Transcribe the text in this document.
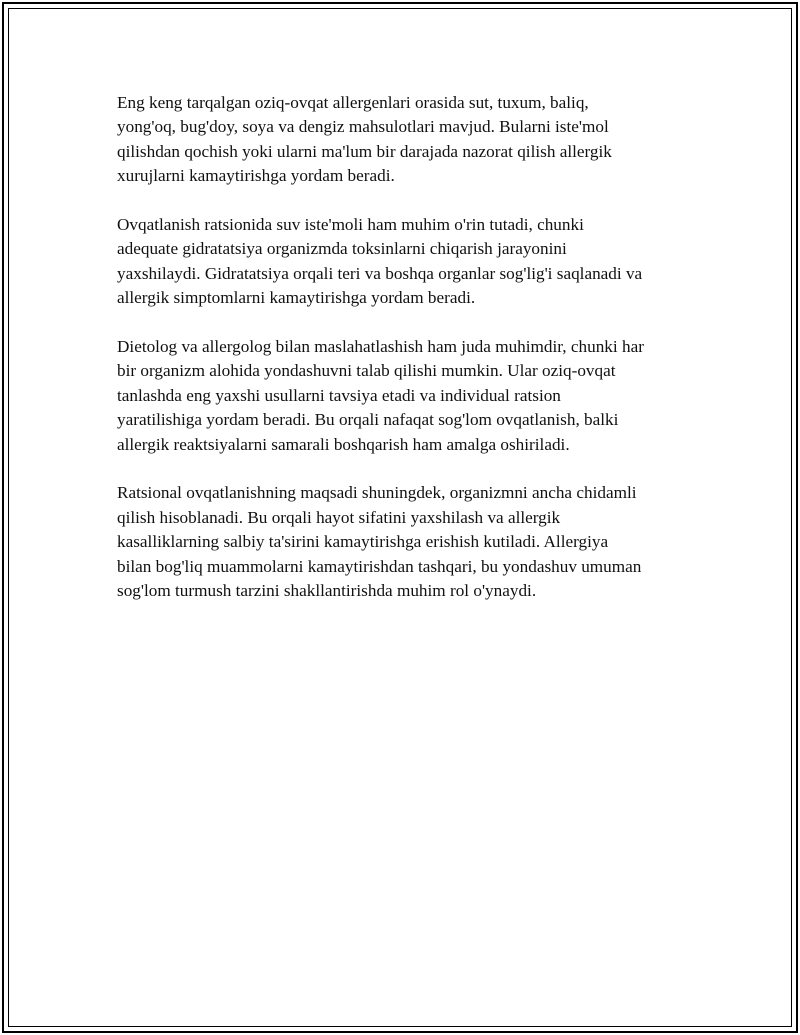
Eng keng tarqalgan oziq-ovqat allergenlari orasida sut, tuxum, baliq,
yong'oq, bug'doy, soya va dengiz mahsulotlari mavjud. Bularni iste'mol
qilishdan qochish yoki ularni ma'lum bir darajada nazorat qilish allergik
xurujlarni kamaytirishga yordam beradi.

Ovqatlanish ratsionida suv iste'moli ham muhim o'rin tutadi, chunki
adequate gidratatsiya organizmda toksinlarni chiqarish jarayonini
yaxshilaydi. Gidratatsiya orqali teri va boshqa organlar sog'lig'i saqlanadi va
allergik simptomlarni kamaytirishga yordam beradi.

Dietolog va allergolog bilan maslahatlashish ham juda muhimdir, chunki har
bir organizm alohida yondashuvni talab qilishi mumkin. Ular oziq-ovqat
tanlashda eng yaxshi usullarni tavsiya etadi va individual ratsion
yaratilishiga yordam beradi. Bu orqali nafaqat sog'lom ovqatlanish, balki
allergik reaktsiyalarni samarali boshqarish ham amalga oshiriladi.

Ratsional ovqatlanishning maqsadi shuningdek, organizmni ancha chidamli
qilish hisoblanadi. Bu orqali hayot sifatini yaxshilash va allergik
kasalliklarning salbiy ta'sirini kamaytirishga erishish kutiladi. Allergiya
bilan bog'liq muammolarni kamaytirishdan tashqari, bu yondashuv umuman
sog'lom turmush tarzini shakllantirishda muhim rol o'ynaydi.
